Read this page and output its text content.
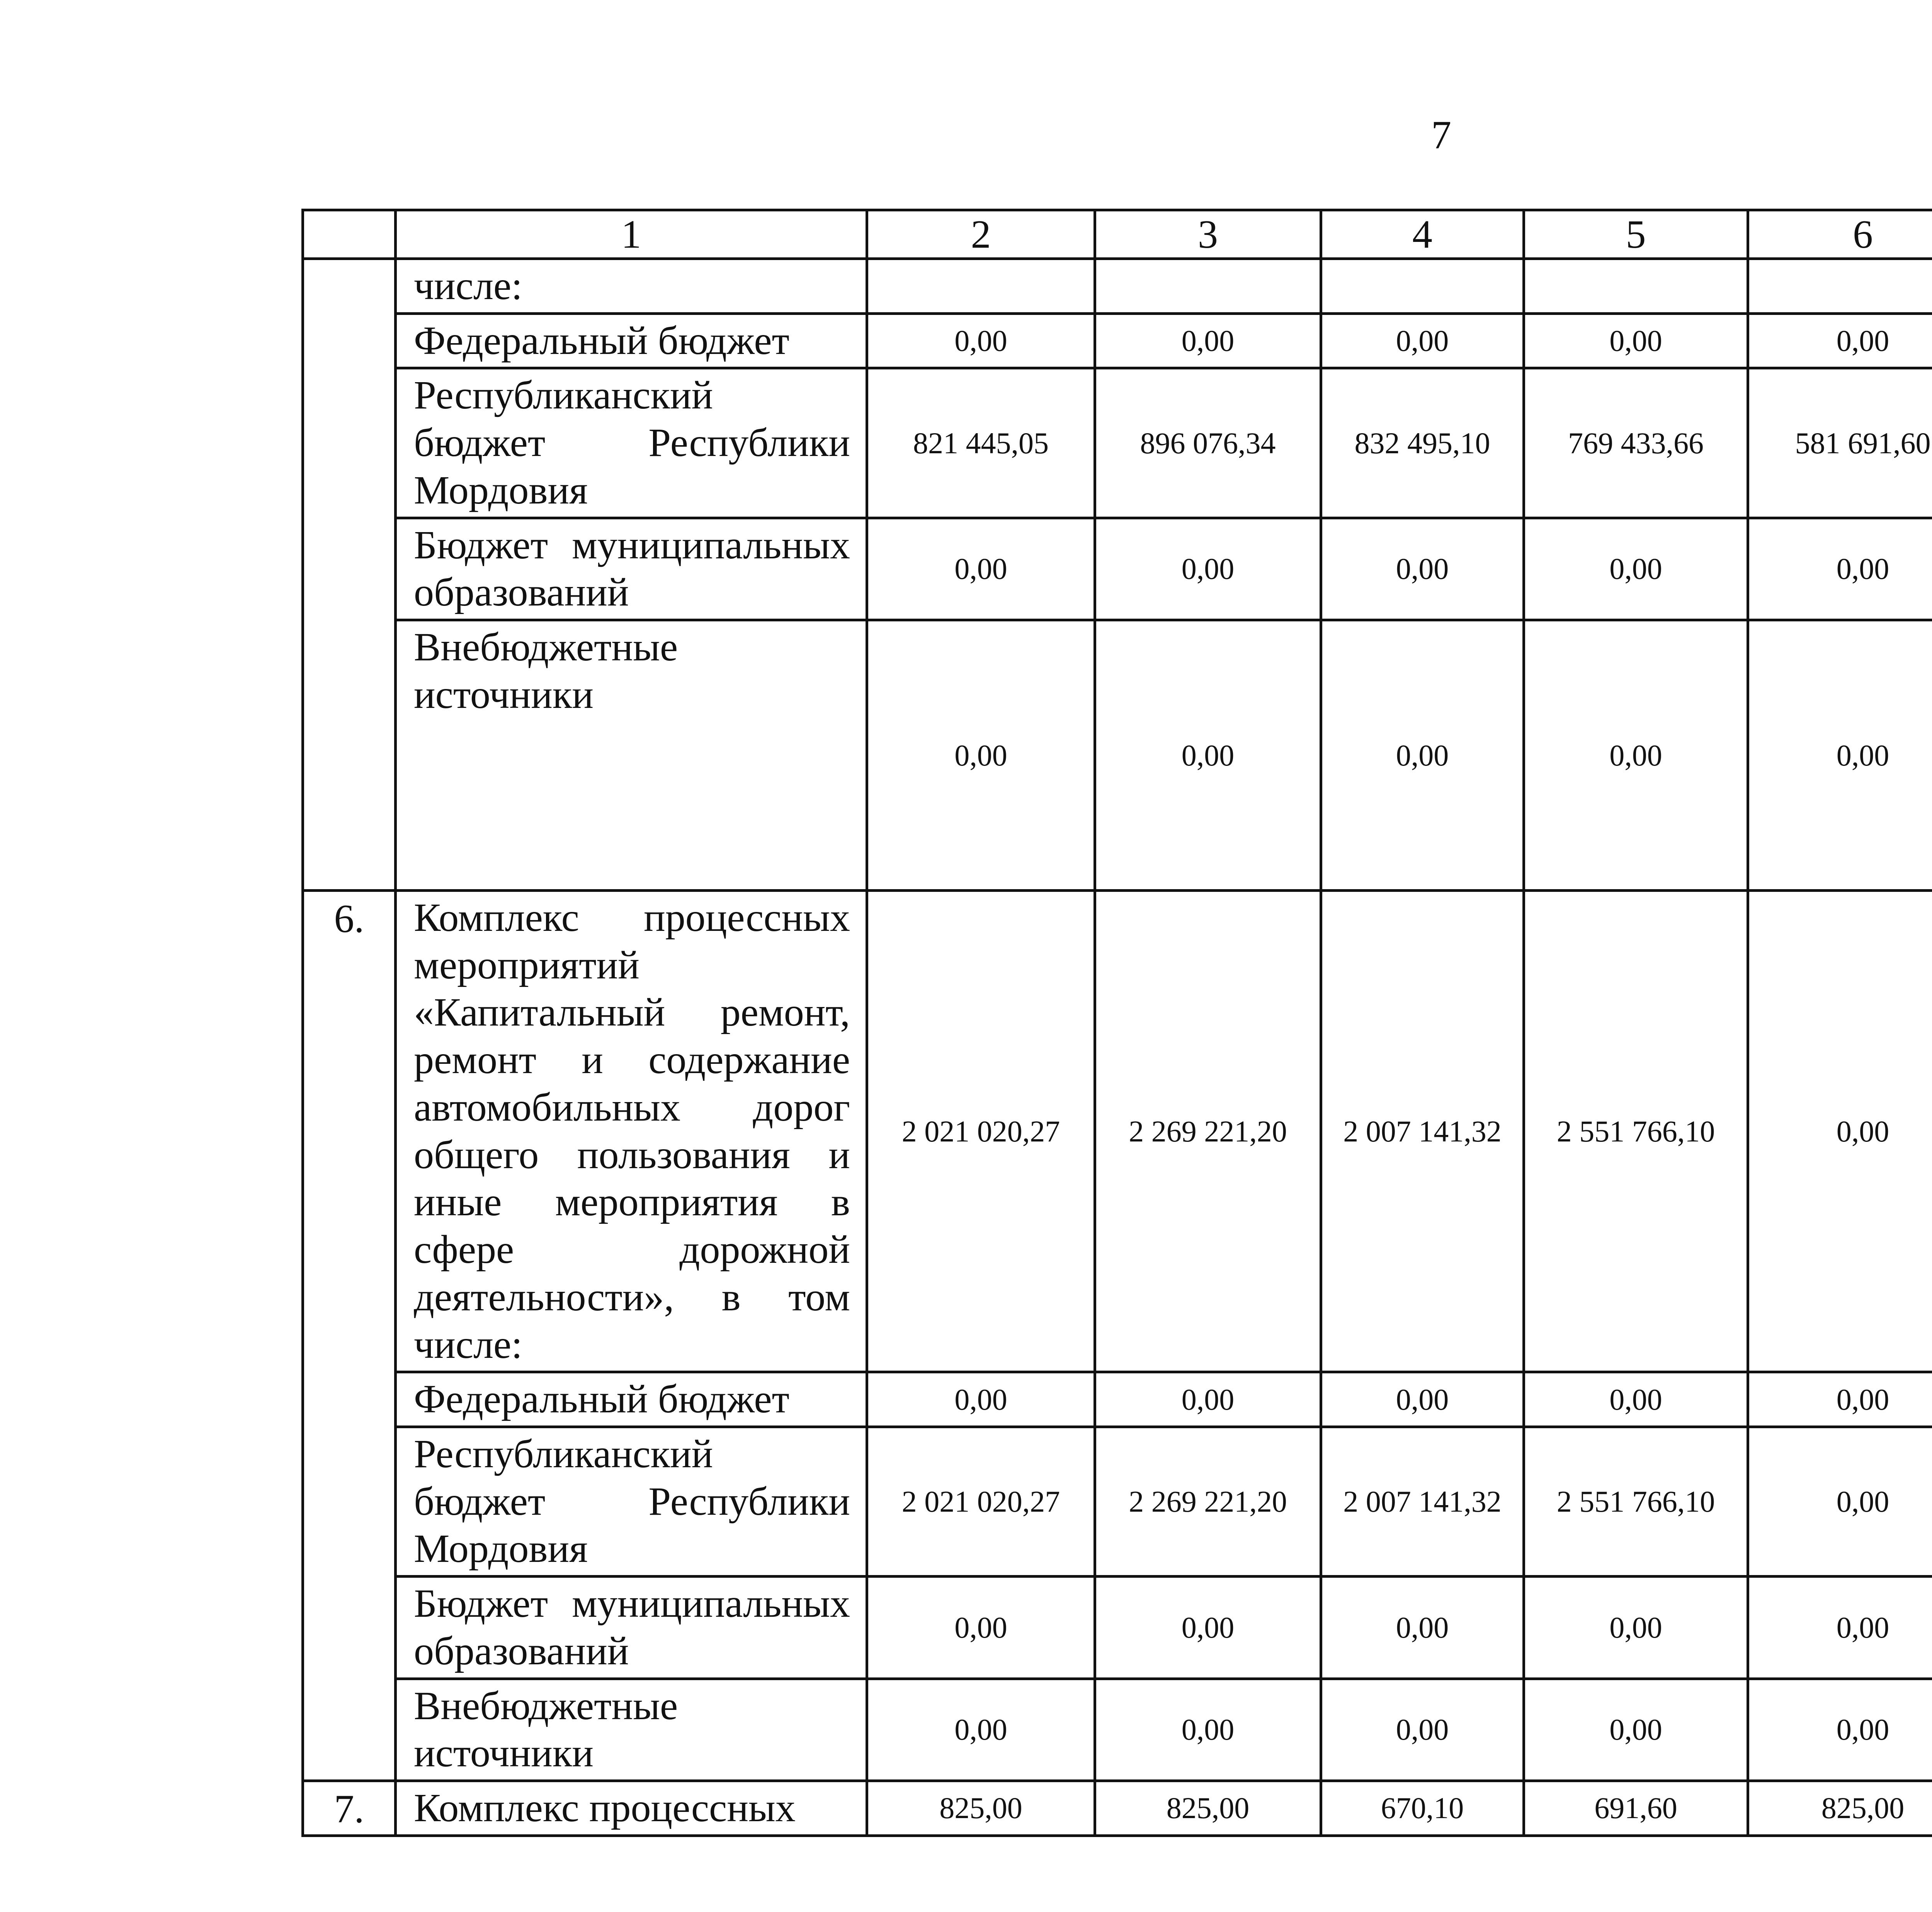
7
	1	2	3	4	5	6		
	числе:								
	Федеральный бюджет	0,00	0,00	0,00	0,00	0,00			
	Республиканский бюджет Республики Мордовия	821 445,05	896 076,34	832 495,10	769 433,66	581 691,60			
	Бюджет муниципальных образований	0,00	0,00	0,00	0,00	0,00			
	Внебюджетные источники	0,00	0,00	0,00	0,00	0,00			
6.	Комплекс процессных мероприятий «Капитальный ремонт, ремонт и содержание автомобильных дорог общего пользования и иные мероприятия в сфере дорожной деятельности», в том числе:	2 021 020,27	2 269 221,20	2 007 141,32	2 551 766,10	0,00			
	Федеральный бюджет	0,00	0,00	0,00	0,00	0,00			
	Республиканский бюджет Республики Мордовия	2 021 020,27	2 269 221,20	2 007 141,32	2 551 766,10	0,00			
	Бюджет муниципальных образований	0,00	0,00	0,00	0,00	0,00			
	Внебюджетные источники	0,00	0,00	0,00	0,00	0,00			
7.	Комплекс процессных	825,00	825,00	670,10	691,60	825,00			
